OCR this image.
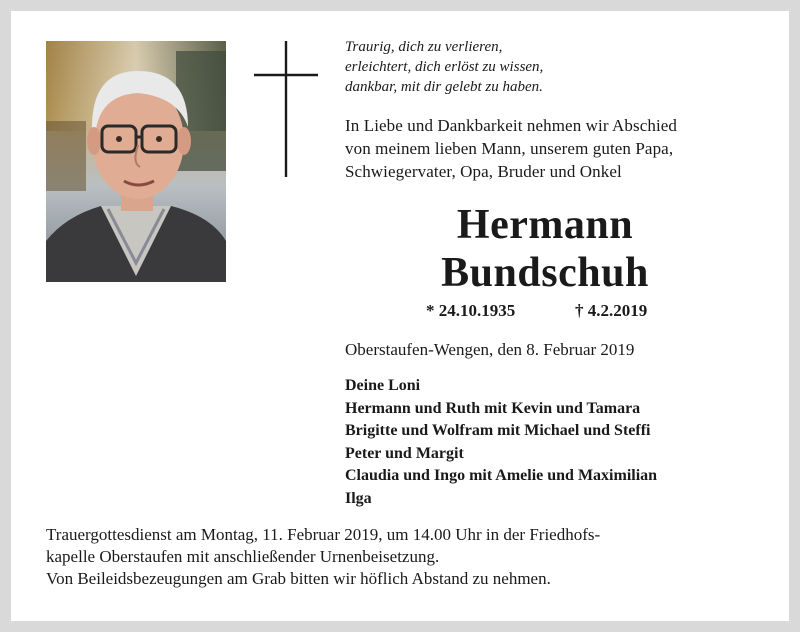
Traurig, dich zu verlieren,
erleichtert, dich erlöst zu wissen,
dankbar, mit dir gelebt zu haben.
In Liebe und Dankbarkeit nehmen wir Abschied
von meinem lieben Mann, unserem guten Papa,
Schwiegervater, Opa, Bruder und Onkel
Hermann
Bundschuh
* 24.10.1935	† 4.2.2019
Oberstaufen-Wengen, den 8. Februar 2019
Deine Loni
Hermann und Ruth mit Kevin und Tamara
Brigitte und Wolfram mit Michael und Steffi
Peter und Margit
Claudia und Ingo mit Amelie und Maximilian
Ilga
Trauergottesdienst am Montag, 11. Februar 2019, um 14.00 Uhr in der Friedhofs-
kapelle Oberstaufen mit anschließender Urnenbeisetzung.
Von Beileidsbezeugungen am Grab bitten wir höflich Abstand zu nehmen.
